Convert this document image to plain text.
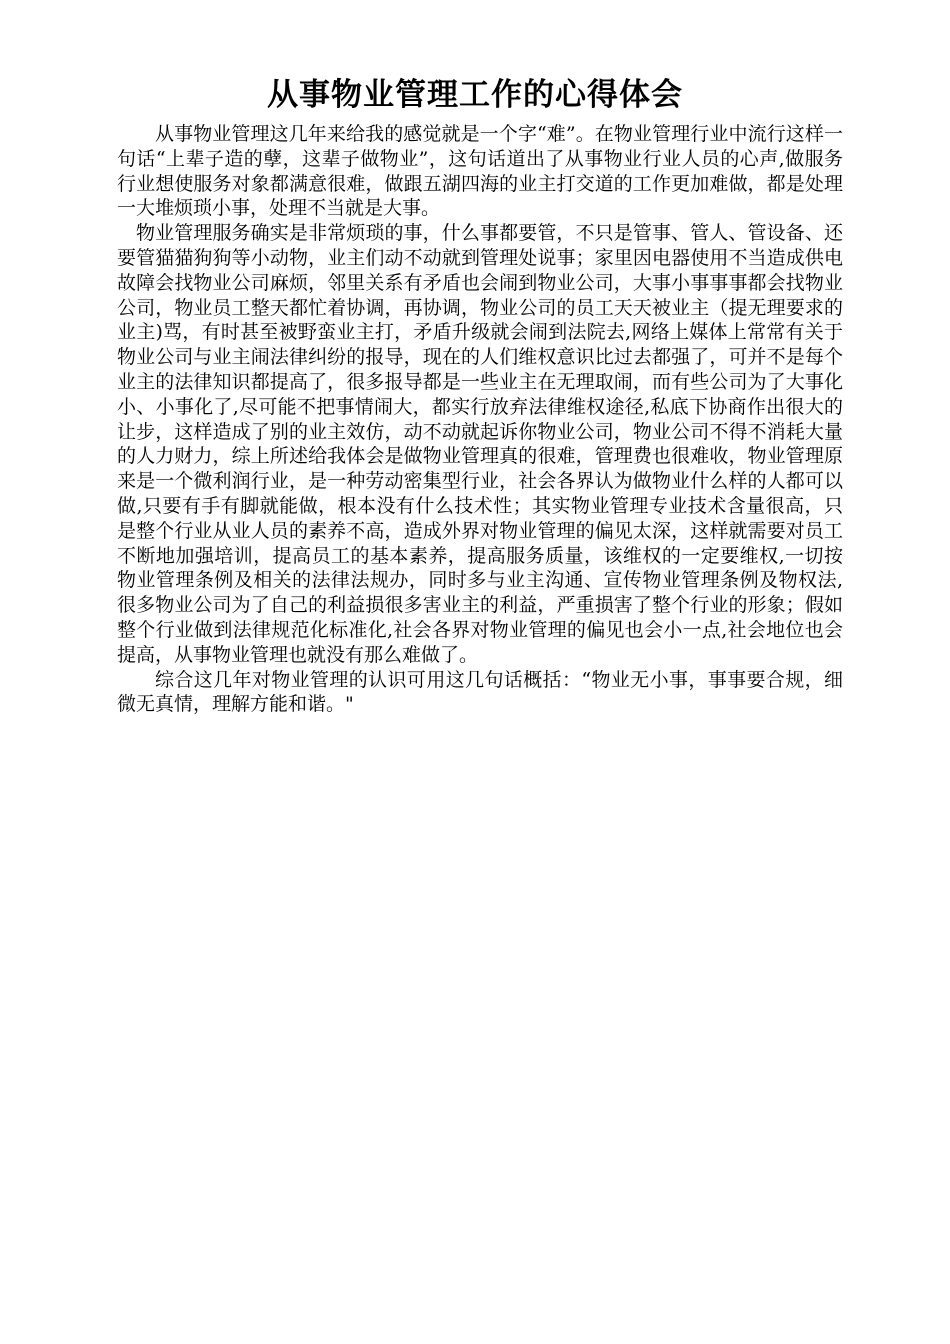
从事物业管理工作的心得体会

从事物业管理这几年来给我的感觉就是一个字“难”。在物业管理行业中流行这样一句话“上辈子造的孽，这辈子做物业”，这句话道出了从事物业行业人员的心声,做服务行业想使服务对象都满意很难，做跟五湖四海的业主打交道的工作更加难做，都是处理一大堆烦琐小事，处理不当就是大事。

物业管理服务确实是非常烦琐的事，什么事都要管，不只是管事、管人、管设备、还要管猫猫狗狗等小动物，业主们动不动就到管理处说事；家里因电器使用不当造成供电故障会找物业公司麻烦，邻里关系有矛盾也会闹到物业公司，大事小事事事都会找物业公司，物业员工整天都忙着协调，再协调，物业公司的员工天天被业主（提无理要求的业主)骂，有时甚至被野蛮业主打，矛盾升级就会闹到法院去,网络上媒体上常常有关于物业公司与业主闹法律纠纷的报导，现在的人们维权意识比过去都强了，可并不是每个业主的法律知识都提高了，很多报导都是一些业主在无理取闹，而有些公司为了大事化小、小事化了,尽可能不把事情闹大，都实行放弃法律维权途径,私底下协商作出很大的让步，这样造成了别的业主效仿，动不动就起诉你物业公司，物业公司不得不消耗大量的人力财力，综上所述给我体会是做物业管理真的很难，管理费也很难收，物业管理原来是一个微利润行业，是一种劳动密集型行业，社会各界认为做物业什么样的人都可以做,只要有手有脚就能做，根本没有什么技术性；其实物业管理专业技术含量很高，只是整个行业从业人员的素养不高，造成外界对物业管理的偏见太深，这样就需要对员工不断地加强培训，提高员工的基本素养，提高服务质量，该维权的一定要维权,一切按物业管理条例及相关的法律法规办，同时多与业主沟通、宣传物业管理条例及物权法,很多物业公司为了自己的利益损很多害业主的利益，严重损害了整个行业的形象；假如整个行业做到法律规范化标准化,社会各界对物业管理的偏见也会小一点,社会地位也会提高，从事物业管理也就没有那么难做了。

综合这几年对物业管理的认识可用这几句话概括：“物业无小事，事事要合规，细微无真情，理解方能和谐。"
